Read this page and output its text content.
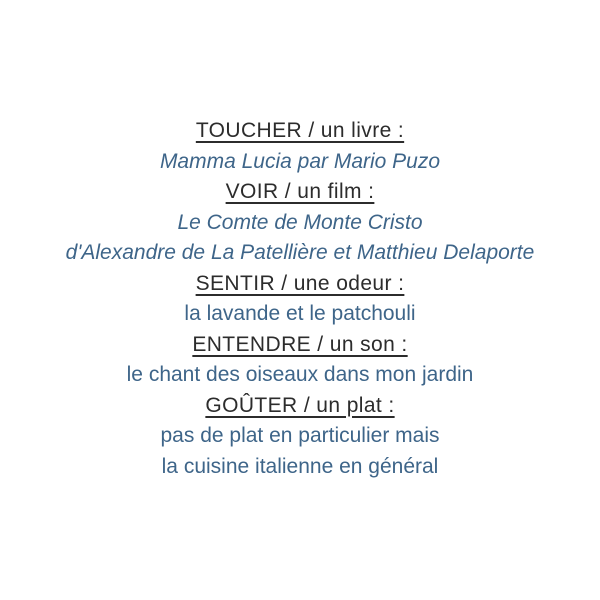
TOUCHER / un livre :
Mamma Lucia par Mario Puzo
VOIR / un film :
Le Comte de Monte Cristo
d'Alexandre de La Patellière et Matthieu Delaporte
SENTIR / une odeur :
la lavande et le patchouli
ENTENDRE / un son :
le chant des oiseaux dans mon jardin
GOÛTER / un plat :
pas de plat en particulier mais
la cuisine italienne en général
